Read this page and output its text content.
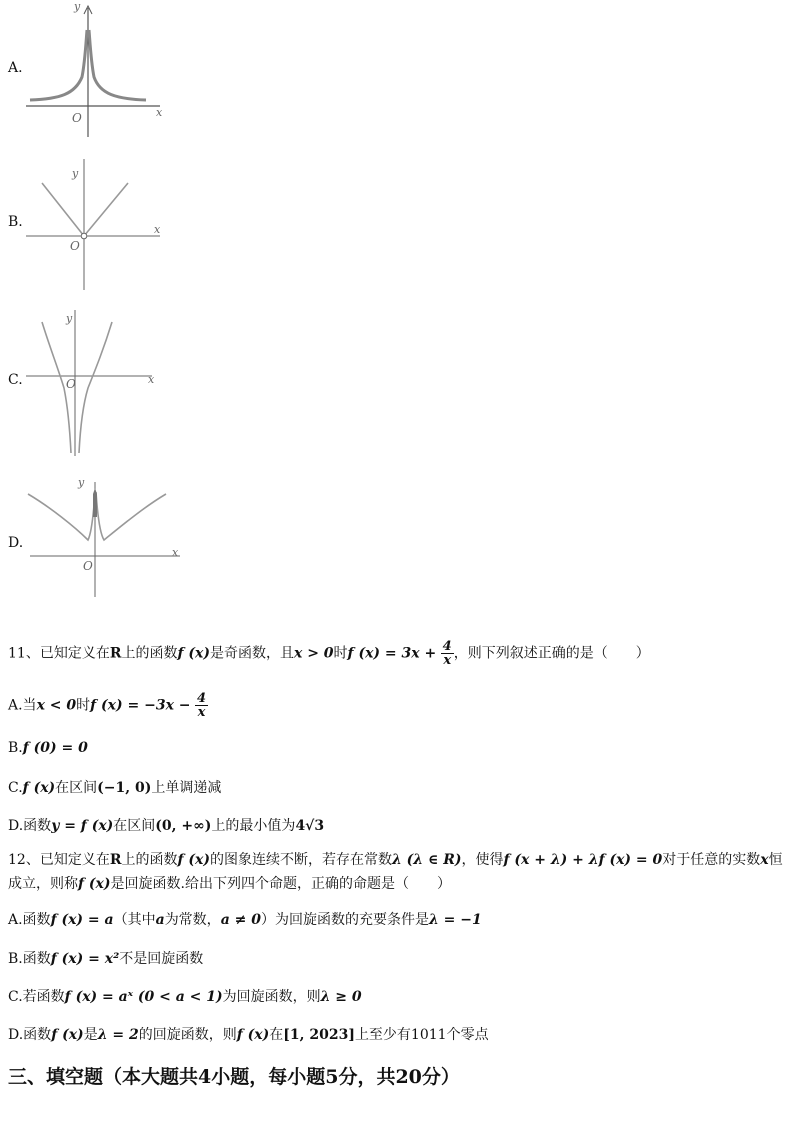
A.
B.
C.
D.
y
x
O
y
x
O
y
x
O
y
x
O
11、已知定义在R上的函数f (x)是奇函数，且x > 0时f $(x) = 3x + \frac{4}{x}$ ，则下列叙述正确的是（　　）
A.当x < 0时f $(x) = -3x - \frac{4}{x}$
B.f (0) = 0
C.f (x)在区间(−1, 0)上单调递减
D.函数y = f (x)在区间(0, +∞)上的最小值为4√3
12、已知定义在R上的函数f (x)的图象连续不断，若存在常数λ (λ ∈ R)，使得f (x + λ) + λf (x) = 0对于任意的实数x恒成立，则称f (x)是回旋函数.给出下列四个命题，正确的命题是（　　）
A.函数f (x) = a（其中a为常数，a ≠ 0）为回旋函数的充要条件是λ = −1
B.函数f (x) = x²不是回旋函数
C.若函数f (x) = aˣ (0 < a < 1)为回旋函数，则λ ≥ 0
D.函数f (x)是λ = 2的回旋函数，则f (x)在[1, 2023]上至少有1011个零点
三、填空题（本大题共4小题，每小题5分，共20分）
